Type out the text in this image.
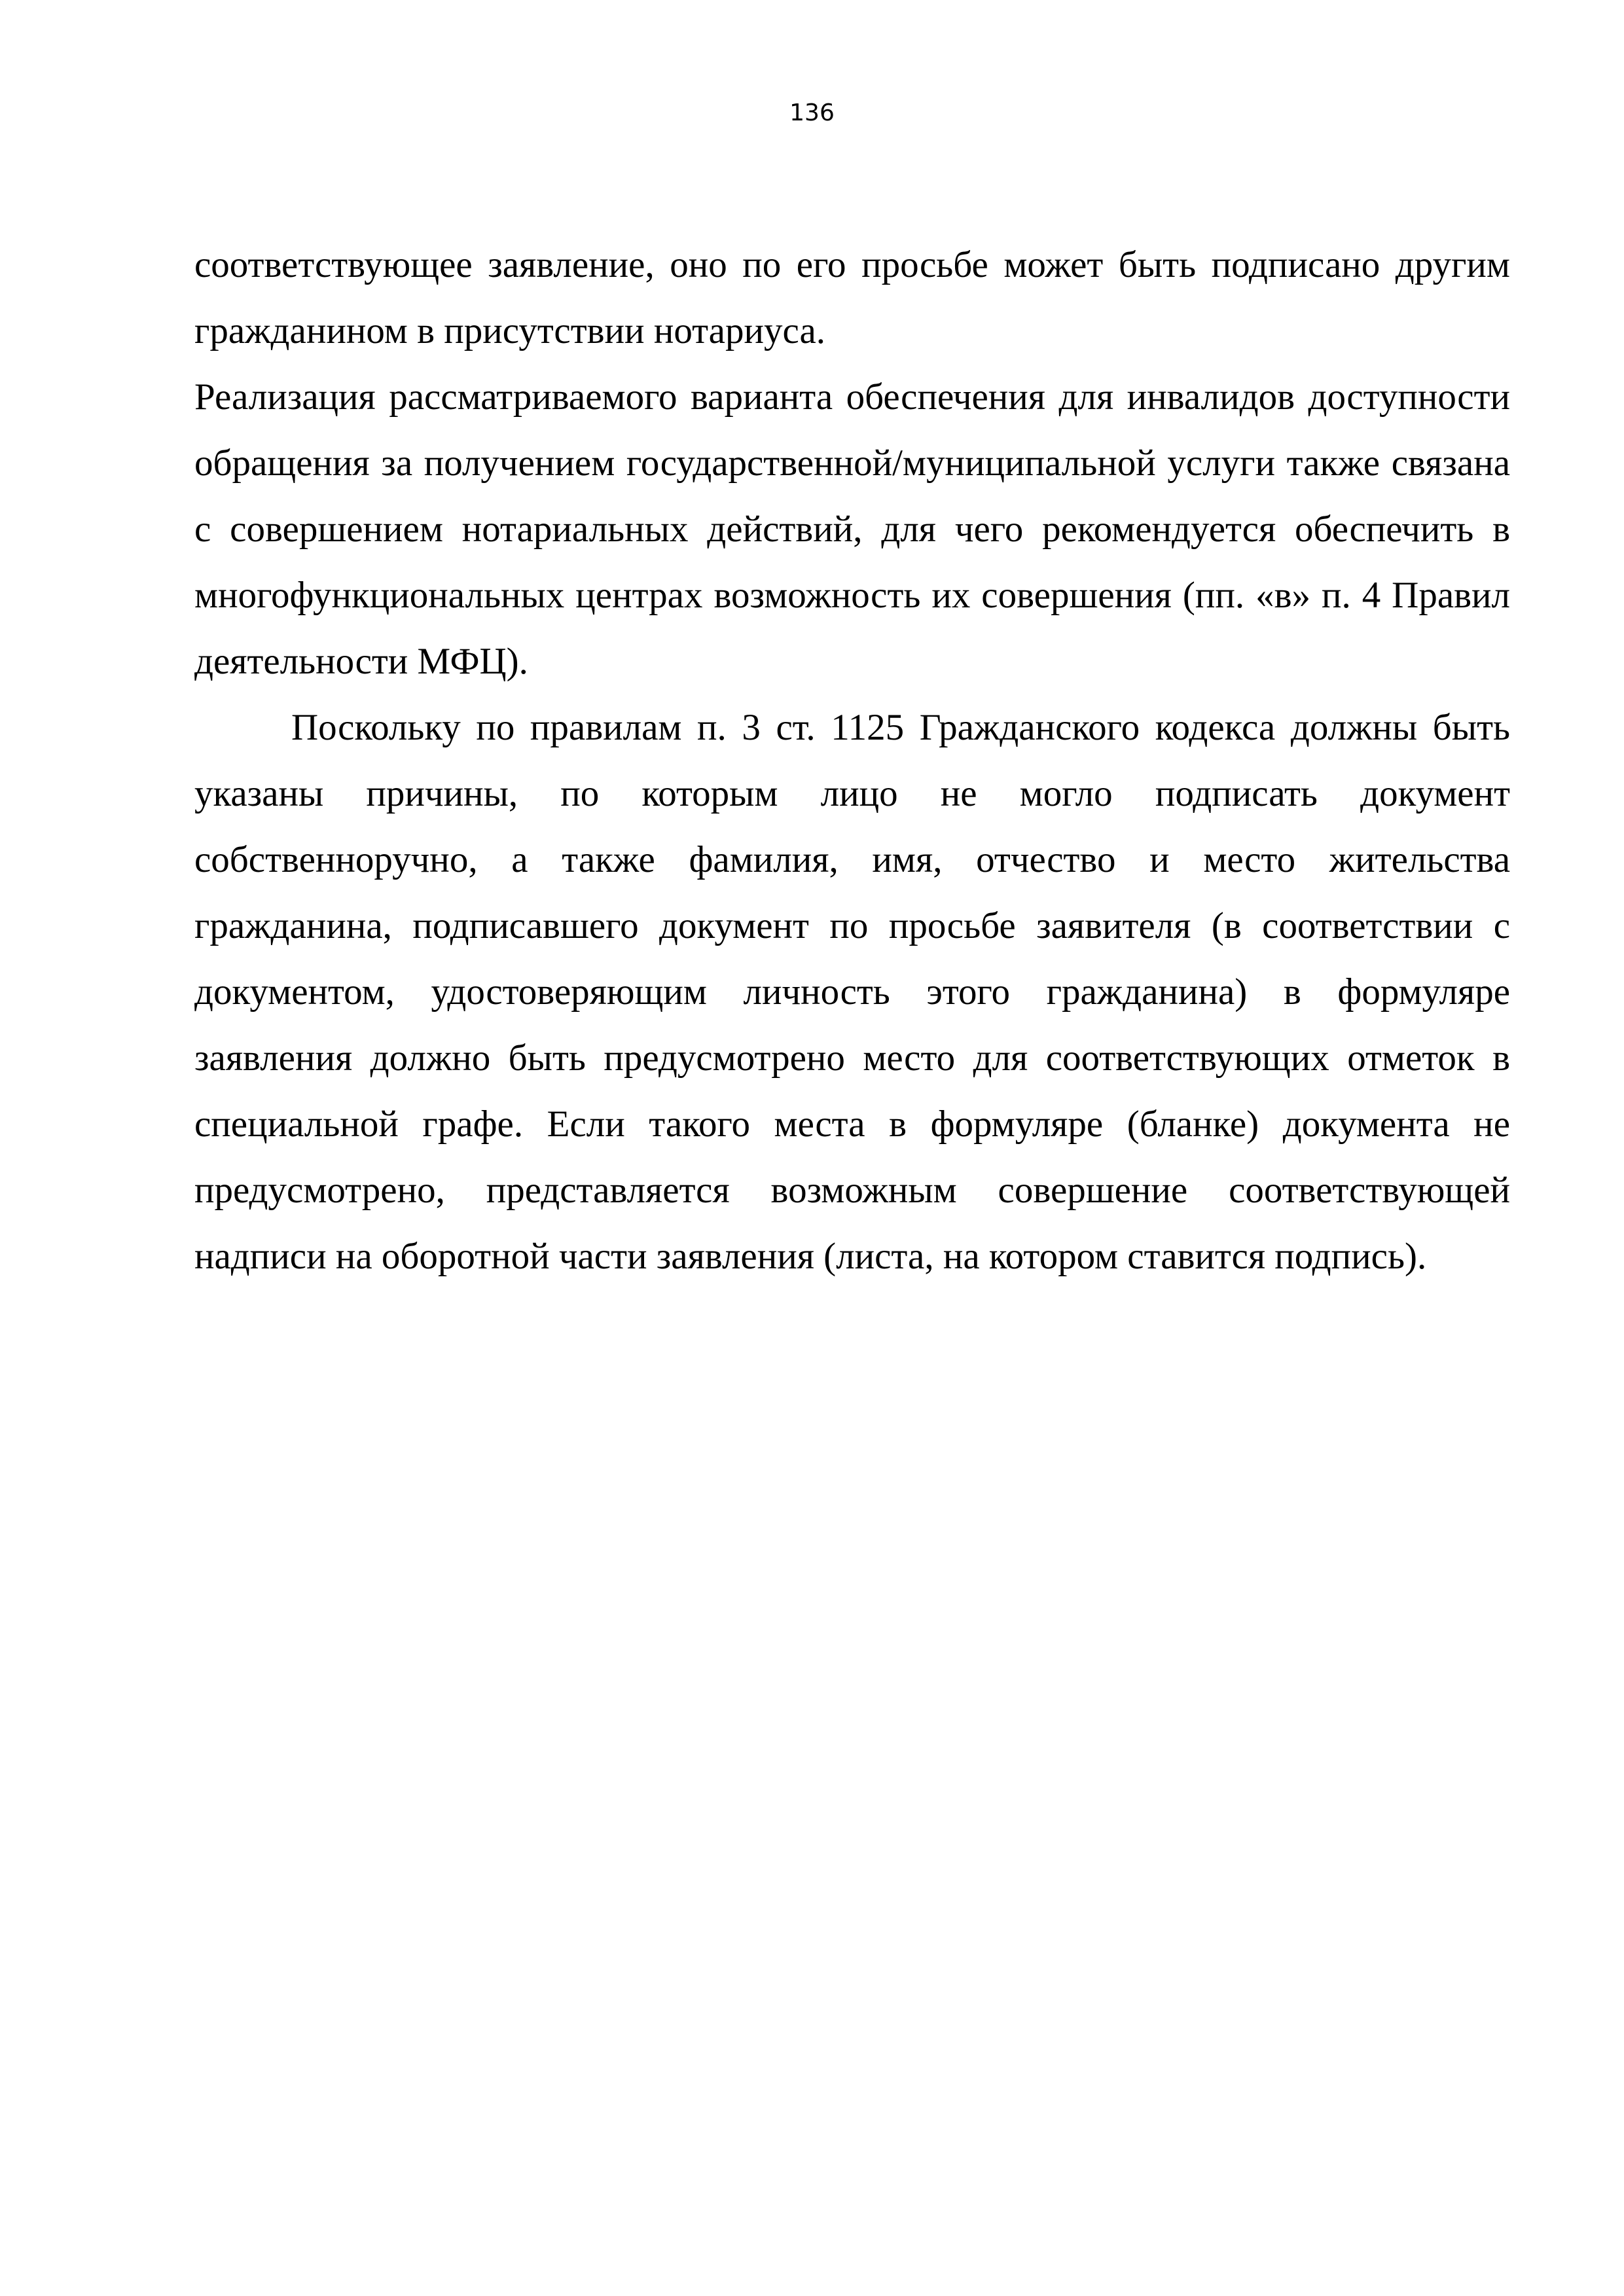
136

соответствующее заявление, оно по его просьбе может быть подписано другим гражданином в присутствии нотариуса.

Реализация рассматриваемого варианта обеспечения для инвалидов доступности обращения за получением государственной/муниципальной услуги также связана с совершением нотариальных действий, для чего рекомендуется обеспечить в многофункциональных центрах возможность их совершения (пп. «в» п. 4 Правил деятельности МФЦ).

Поскольку по правилам п. 3 ст. 1125 Гражданского кодекса должны быть указаны причины, по которым лицо не могло подписать документ собственноручно, а также фамилия, имя, отчество и место жительства гражданина, подписавшего документ по просьбе заявителя (в соответствии с документом, удостоверяющим личность этого гражданина) в формуляре заявления должно быть предусмотрено место для соответствующих отметок в специальной графе. Если такого места в формуляре (бланке) документа не предусмотрено, представляется возможным совершение соответствующей надписи на оборотной части заявления (листа, на котором ставится подпись).
